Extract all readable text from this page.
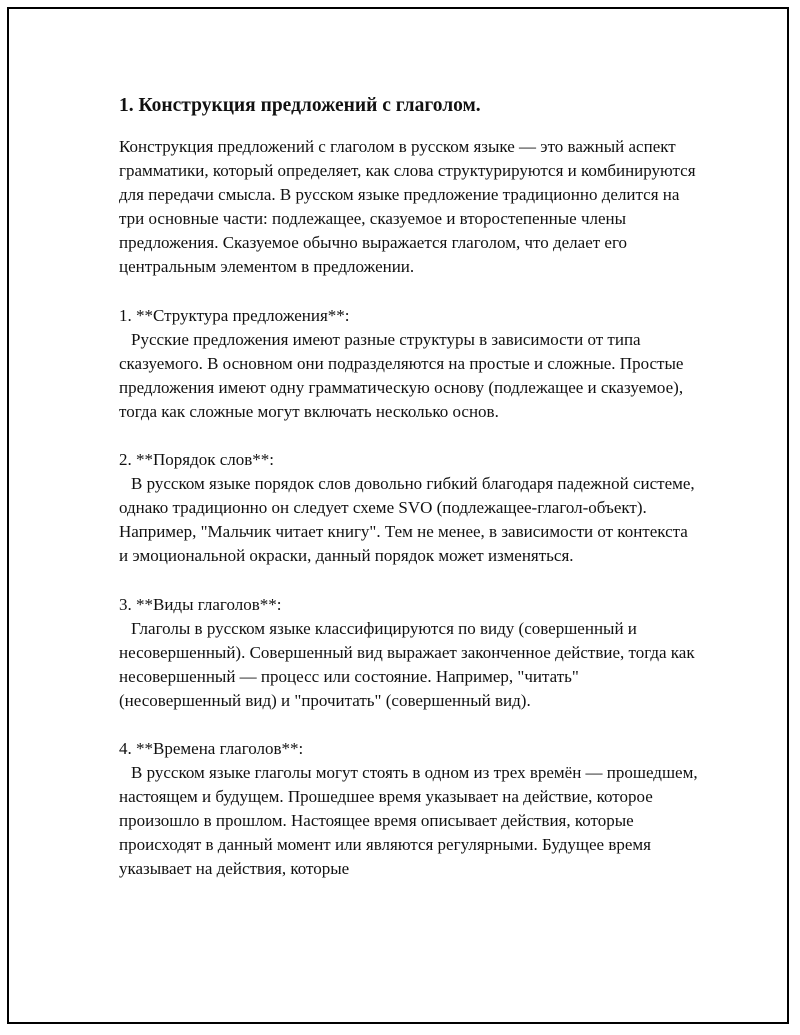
1. Конструкция предложений с глаголом.

Конструкция предложений с глаголом в русском языке — это важный аспект грамматики, который определяет, как слова структурируются и комбинируются для передачи смысла. В русском языке предложение традиционно делится на три основные части: подлежащее, сказуемое и второстепенные члены предложения. Сказуемое обычно выражается глаголом, что делает его центральным элементом в предложении.

1. **Структура предложения**:

Русские предложения имеют разные структуры в зависимости от типа сказуемого. В основном они подразделяются на простые и сложные. Простые предложения имеют одну грамматическую основу (подлежащее и сказуемое), тогда как сложные могут включать несколько основ.

2. **Порядок слов**:

В русском языке порядок слов довольно гибкий благодаря падежной системе, однако традиционно он следует схеме SVO (подлежащее-глагол-объект). Например, "Мальчик читает книгу". Тем не менее, в зависимости от контекста и эмоциональной окраски, данный порядок может изменяться.

3. **Виды глаголов**:

Глаголы в русском языке классифицируются по виду (совершенный и несовершенный). Совершенный вид выражает законченное действие, тогда как несовершенный — процесс или состояние. Например, "читать" (несовершенный вид) и "прочитать" (совершенный вид).

4. **Времена глаголов**:

В русском языке глаголы могут стоять в одном из трех времён — прошедшем, настоящем и будущем. Прошедшее время указывает на действие, которое произошло в прошлом. Настоящее время описывает действия, которые происходят в данный момент или являются регулярными. Будущее время указывает на действия, которые
